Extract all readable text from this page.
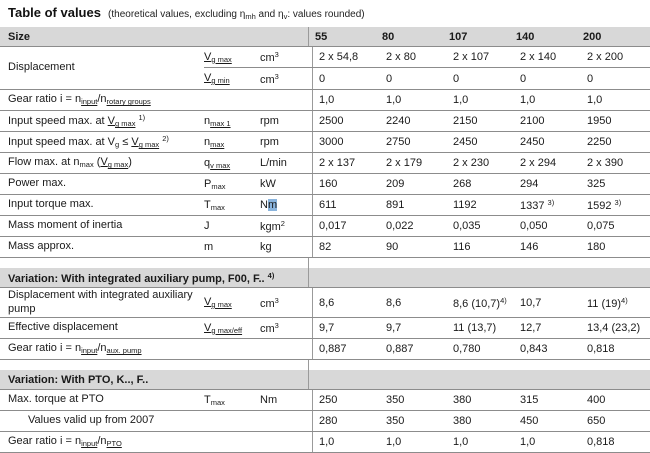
Table of values (theoretical values, excluding $\eta_{mh}$ and $\eta_v$: values rounded)
Size	55	80	107	140	200
Displacement
$V_{g max}$	$cm^3$	2 x 54,8	2 x 80	2 x 107	2 x 140	2 x 200
$V_{g min}$	$cm^3$	0	0	0	0	0
Gear ratio $i = n_{input}/n_{rotary groups}$	1,0	1,0	1,0	1,0	1,0
Input speed max. at $V_{g max}$ $^{1)}$	$n_{max 1}$	rpm	2500	2240	2150	2100	1950
Input speed max. at $V_g \le V_{g max}$ $^{2)}$	$n_{max}$	rpm	3000	2750	2450	2450	2250
Flow max. at $n_{max}$ $(V_{g max})$	$q_{v max}$	L/min	2 x 137	2 x 179	2 x 230	2 x 294	2 x 390
Power max.	$P_{max}$	kW	160	209	268	294	325
Input torque max.	$T_{max}$	Nm	611	891	1192	1337 $^{3)}$	1592 $^{3)}$
Mass moment of inertia	J	kgm$^2$	0,017	0,022	0,035	0,050	0,075
Mass approx.	m	kg	82	90	116	146	180
Variation: With integrated auxiliary pump, F00, F.. $^{4)}$
Displacement with integrated auxiliary pump
$V_{g max}$	$cm^3$	8,6	8,6	8,6 $(10,7)^{4)}$	10,7	11 $(19)^{4)}$
Effective displacement	$V_{g max/eff}$	$cm^3$	9,7	9,7	11 (13,7)	12,7	13,4 (23,2)
Gear ratio $i = n_{input}/n_{aux. pump}$	0,887	0,887	0,780	0,843	0,818
Variation: With PTO, K.., F..
Max. torque at PTO	$T_{max}$	Nm	250	350	380	315	400
Values valid up from 2007	280	350	380	450	650
Gear ratio $i = n_{input}/n_{PTO}$	1,0	1,0	1,0	1,0	0,818
